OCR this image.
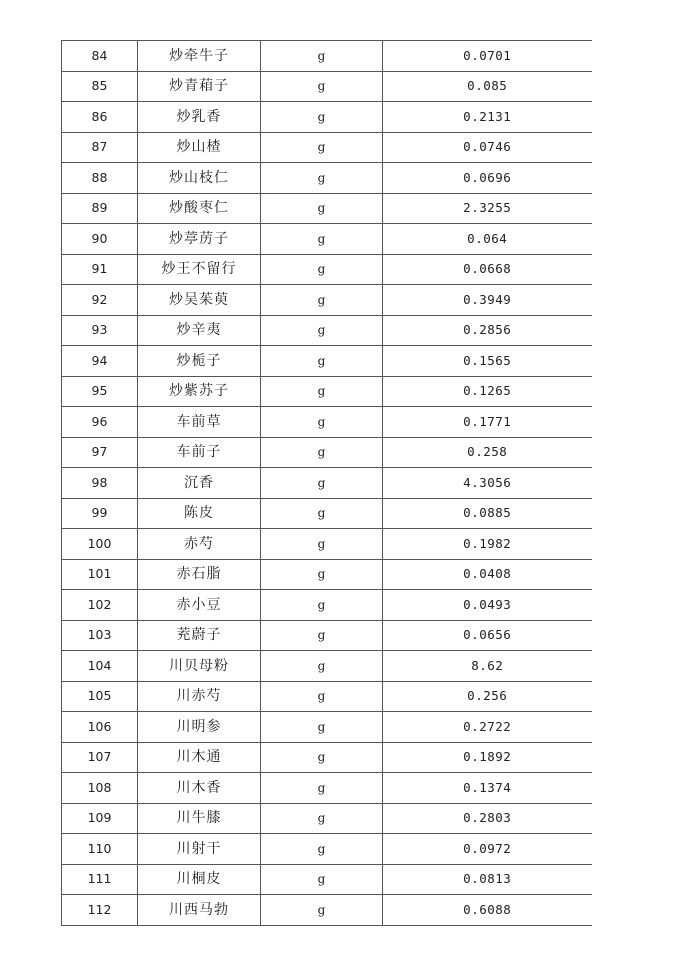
84	炒牵牛子	g	0.0701
85	炒青葙子	g	0.085
86	炒乳香	g	0.2131
87	炒山楂	g	0.0746
88	炒山枝仁	g	0.0696
89	炒酸枣仁	g	2.3255
90	炒葶苈子	g	0.064
91	炒王不留行	g	0.0668
92	炒吴茱萸	g	0.3949
93	炒辛夷	g	0.2856
94	炒栀子	g	0.1565
95	炒紫苏子	g	0.1265
96	车前草	g	0.1771
97	车前子	g	0.258
98	沉香	g	4.3056
99	陈皮	g	0.0885
100	赤芍	g	0.1982
101	赤石脂	g	0.0408
102	赤小豆	g	0.0493
103	茺蔚子	g	0.0656
104	川贝母粉	g	8.62
105	川赤芍	g	0.256
106	川明参	g	0.2722
107	川木通	g	0.1892
108	川木香	g	0.1374
109	川牛膝	g	0.2803
110	川射干	g	0.0972
111	川桐皮	g	0.0813
112	川西马勃	g	0.6088
